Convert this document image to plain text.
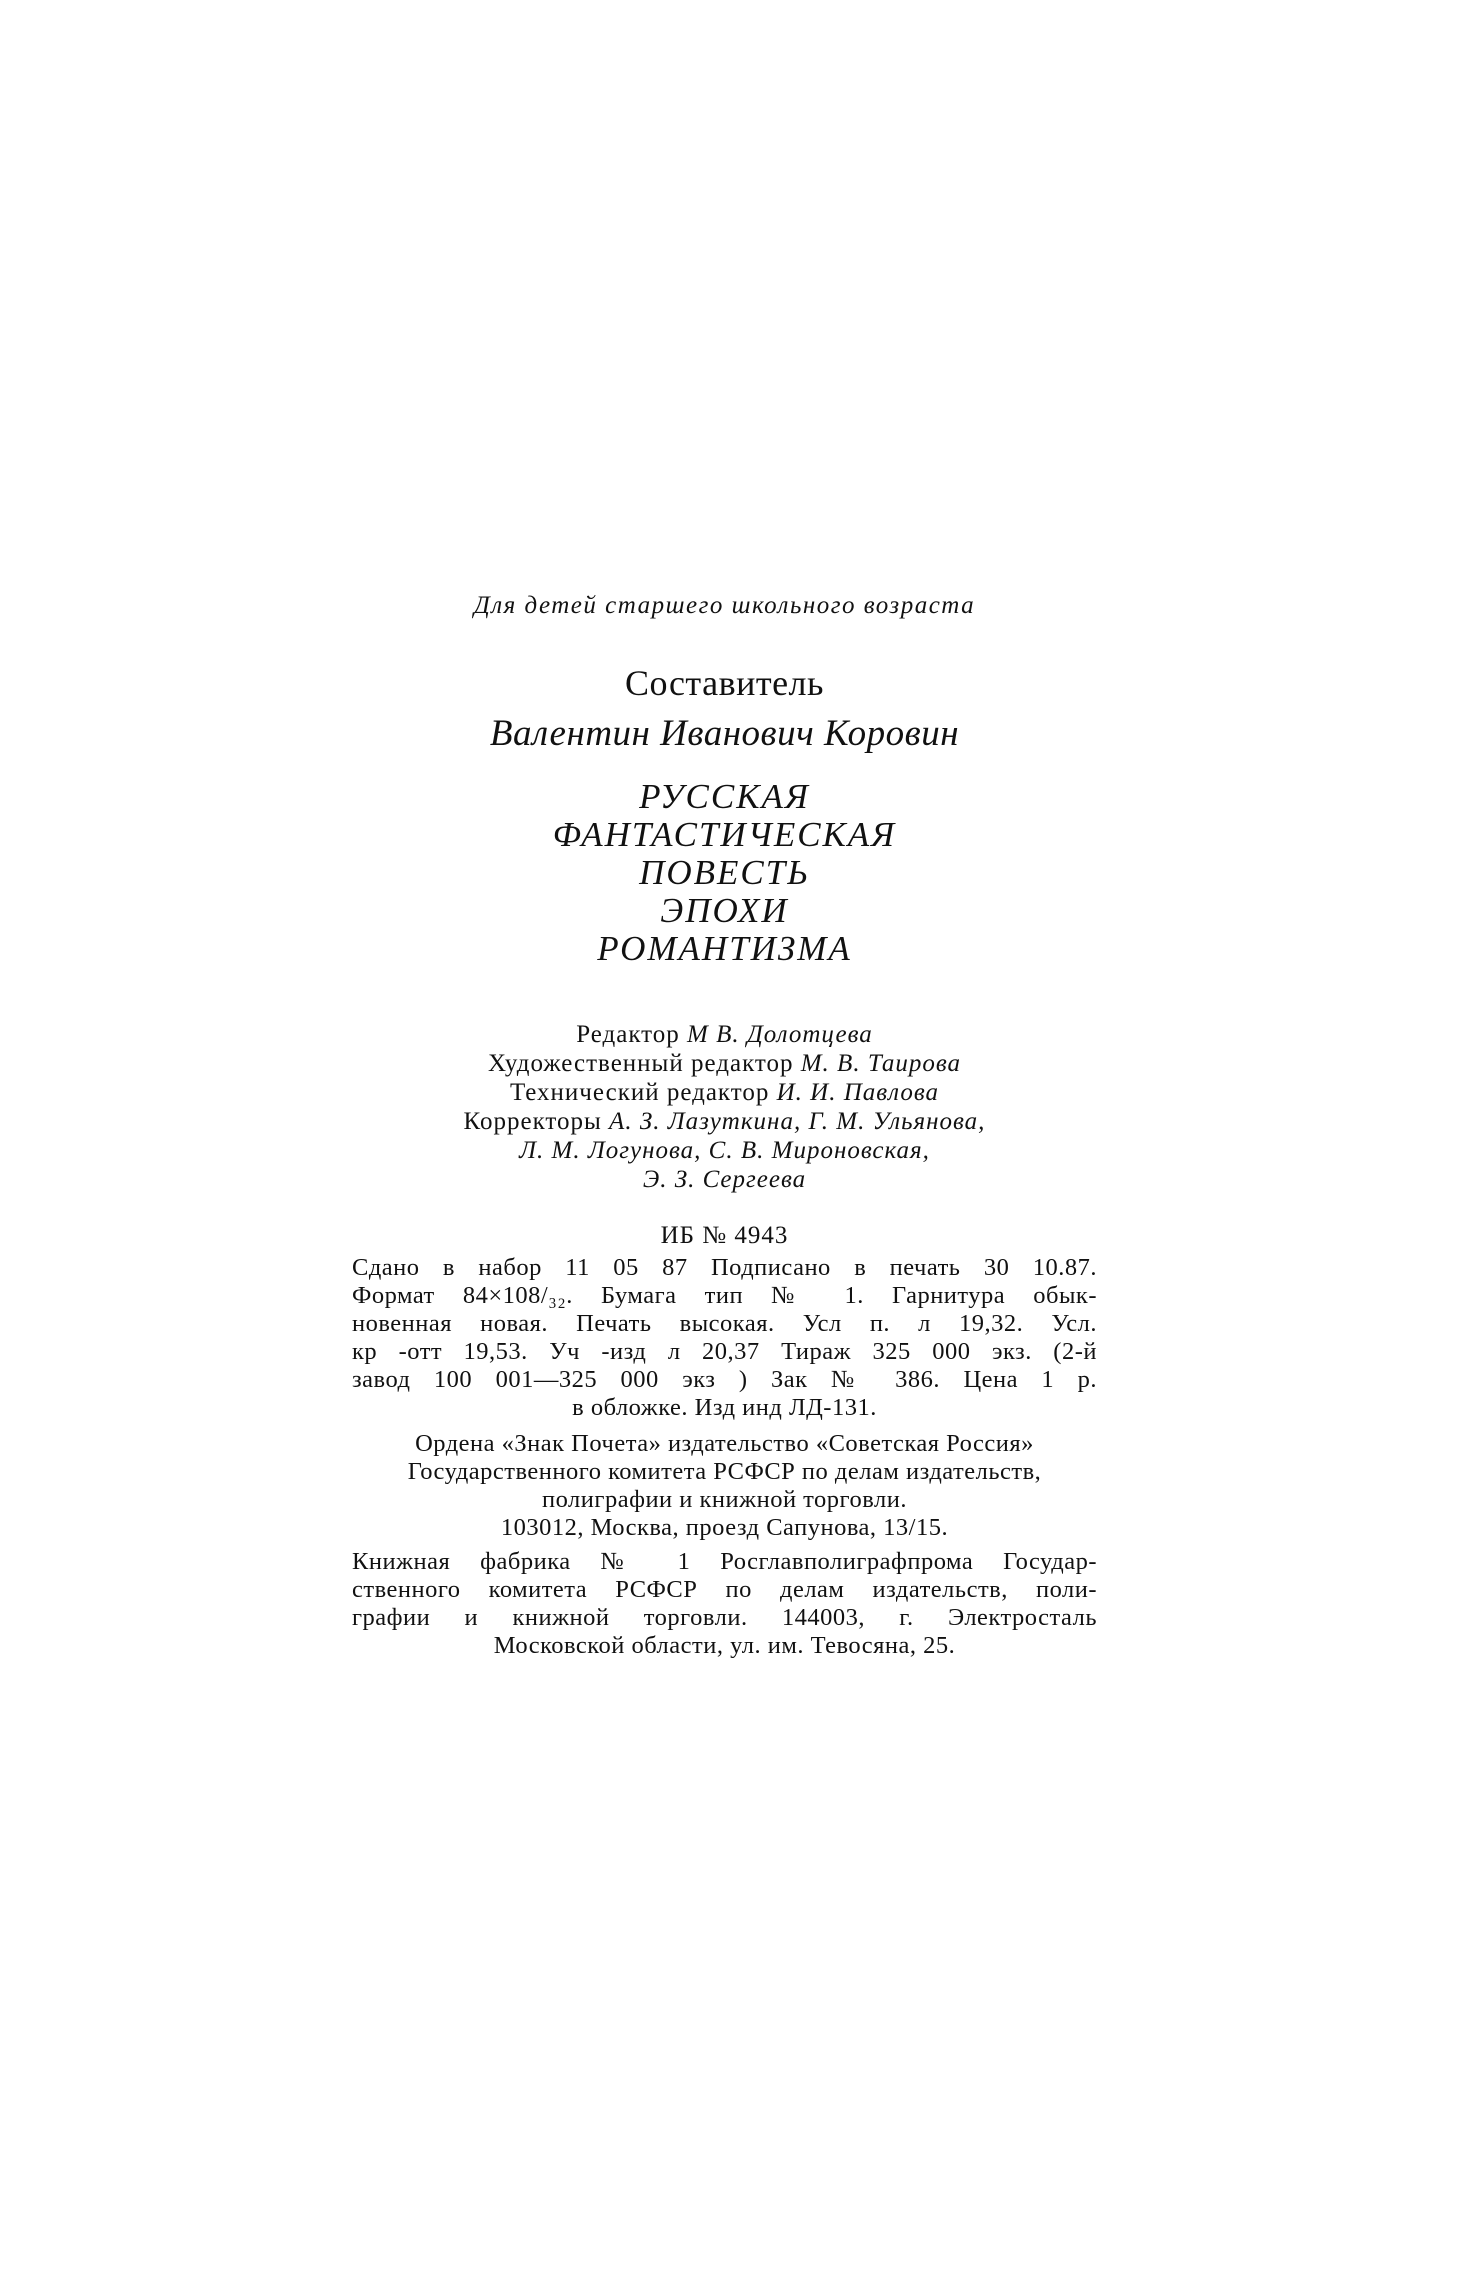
Для детей старшего школьного возраста
Составитель
Валентин Иванович Коровин
РУССКАЯ
ФАНТАСТИЧЕСКАЯ
ПОВЕСТЬ
ЭПОХИ
РОМАНТИЗМА
Редактор М В. Долотцева
Художественный редактор М. В. Таирова
Технический редактор И. И. Павлова
Корректоры А. З. Лазуткина, Г. М. Ульянова,
Л. М. Логунова, С. В. Мироновская,
Э. З. Сергеева
ИБ № 4943
Сдано в набор 11 05 87 Подписано в печать 30 10.87.
Формат 84×108/₃₂. Бумага тип № 1. Гарнитура обык-
новенная новая. Печать высокая. Усл п. л 19,32. Усл.
кр -отт 19,53. Уч -изд л 20,37 Тираж 325 000 экз. (2-й
завод 100 001—325 000 экз ) Зак № 386. Цена 1 р.
в обложке. Изд инд ЛД-131.
Ордена «Знак Почета» издательство «Советская Россия»
Государственного комитета РСФСР по делам издательств,
полиграфии и книжной торговли.
103012, Москва, проезд Сапунова, 13/15.
Книжная фабрика № 1 Росглавполиграфпрома Государ-
ственного комитета РСФСР по делам издательств, поли-
графии и книжной торговли. 144003, г. Электросталь
Московской области, ул. им. Тевосяна, 25.
